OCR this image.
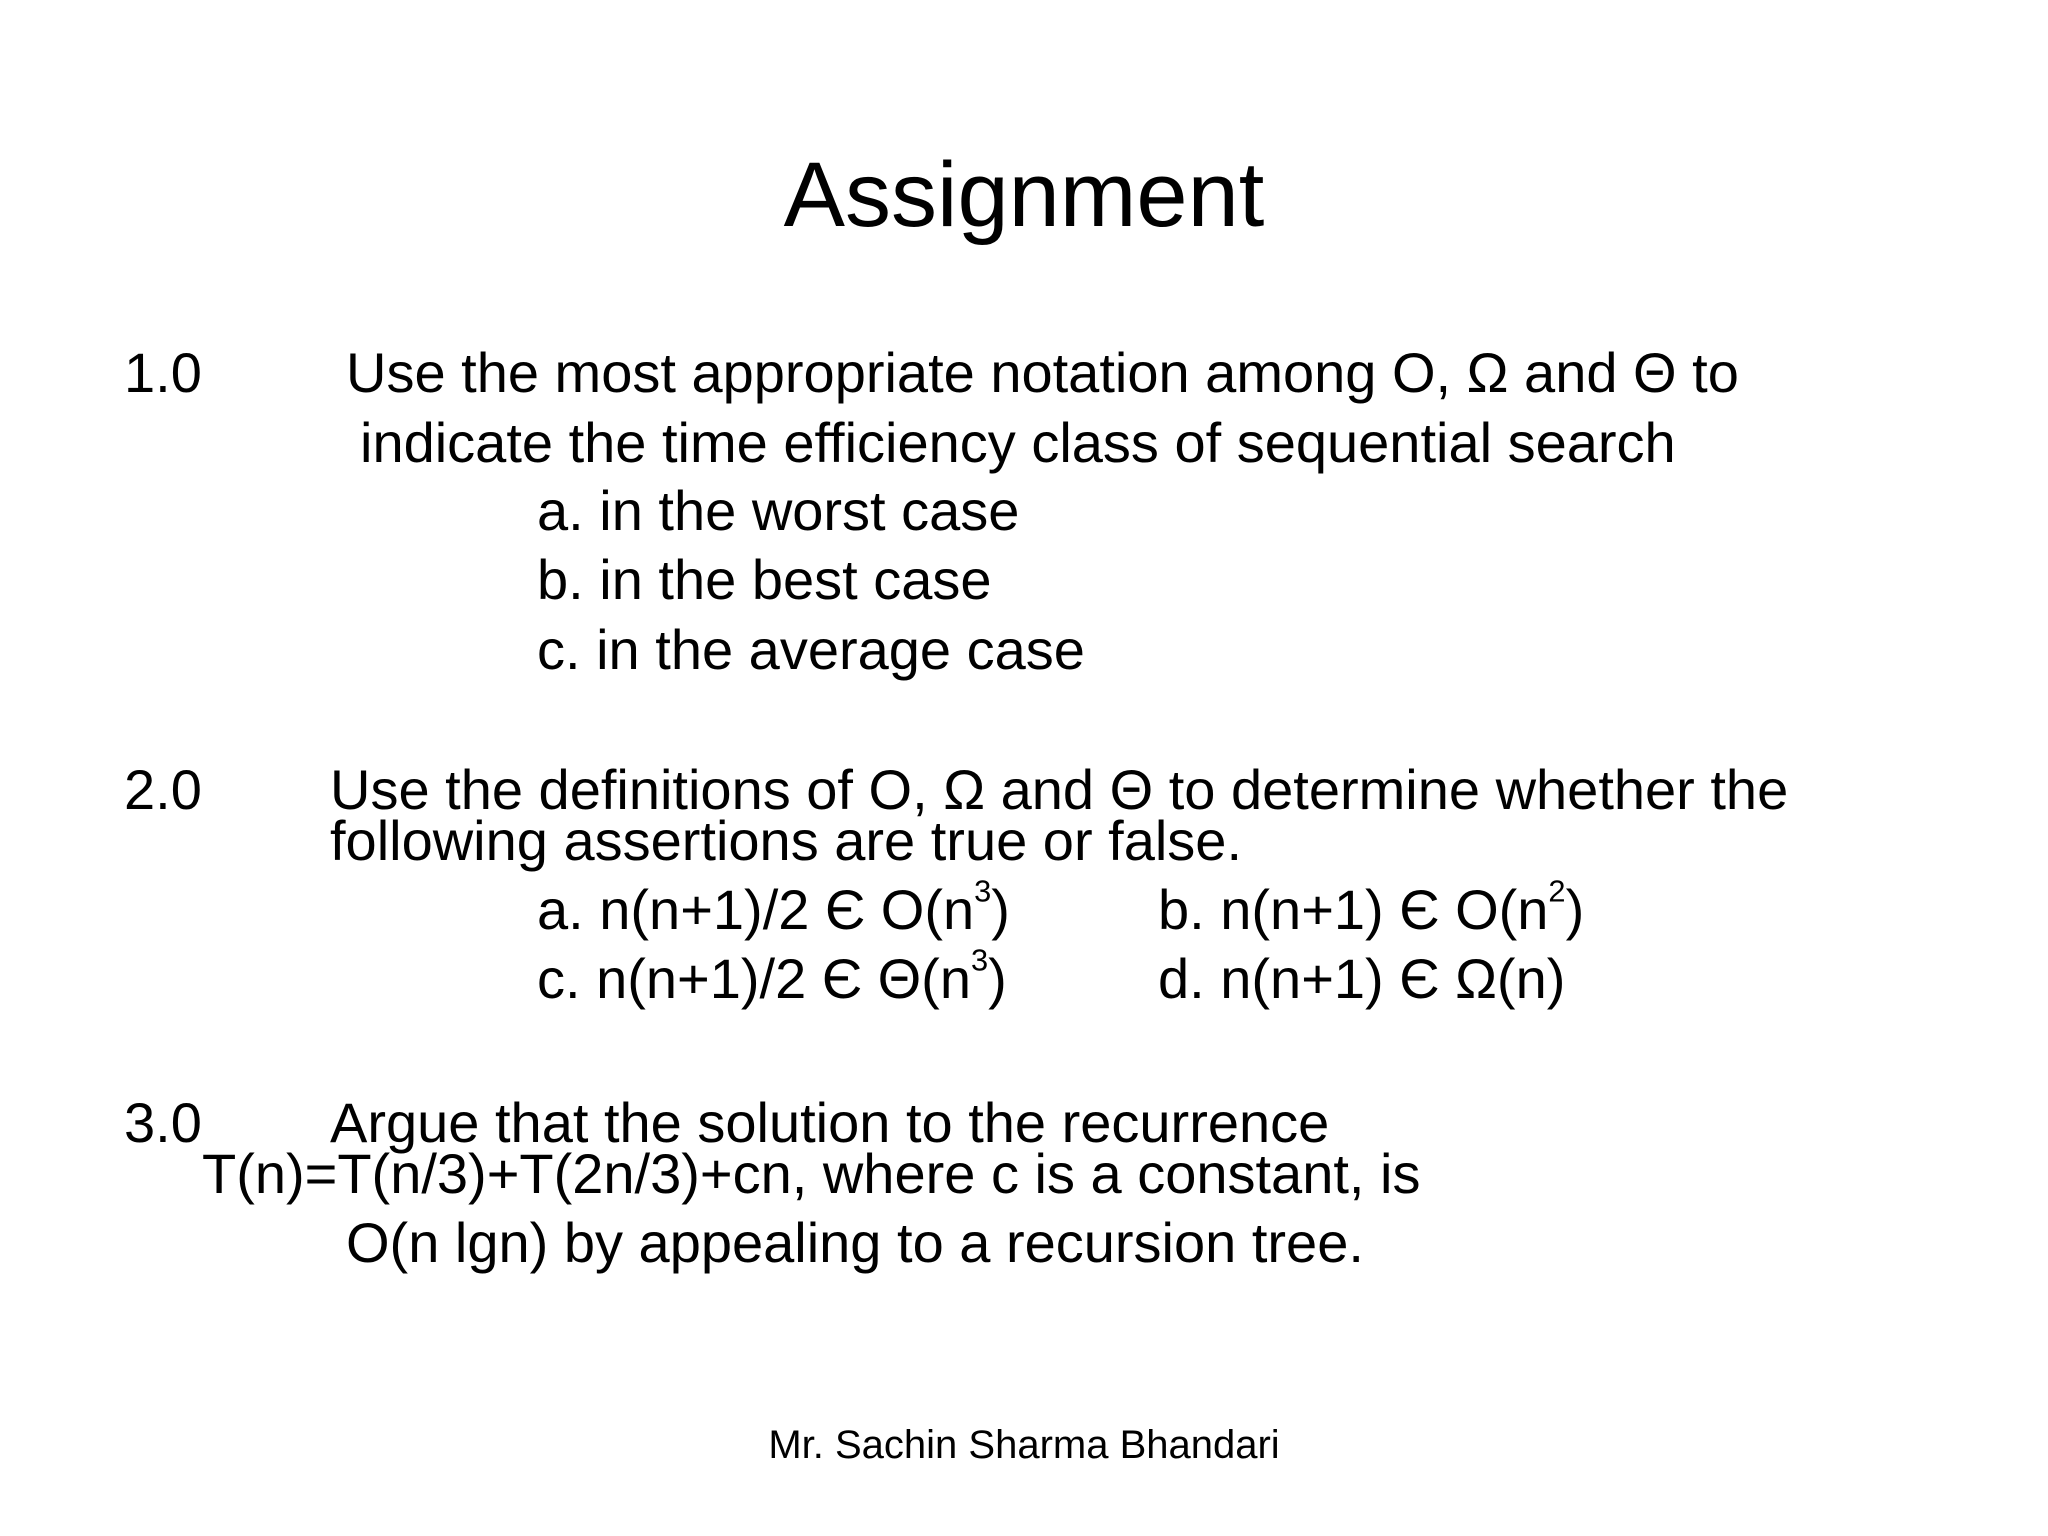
Assignment
1.0	Use the most appropriate notation among O, Ω and Θ to
indicate the time efficiency class of sequential search
a. in the worst case
b. in the best case
c. in the average case
2.0 Use the definitions of O, Ω and Θ to determine whether the
following assertions are true or false.
a. n(n+1)/2 Є $O(n^3)$	b. n(n+1) Є $O(n^2)$
c. n(n+1)/2 Є $\Theta(n^3)$	d. n(n+1) Є Ω(n)
3.0 Argue that the solution to the recurrence
T(n)=T(n/3)+T(2n/3)+cn, where c is a constant, is
O(n lgn) by appealing to a recursion tree.
Mr. Sachin Sharma Bhandari
